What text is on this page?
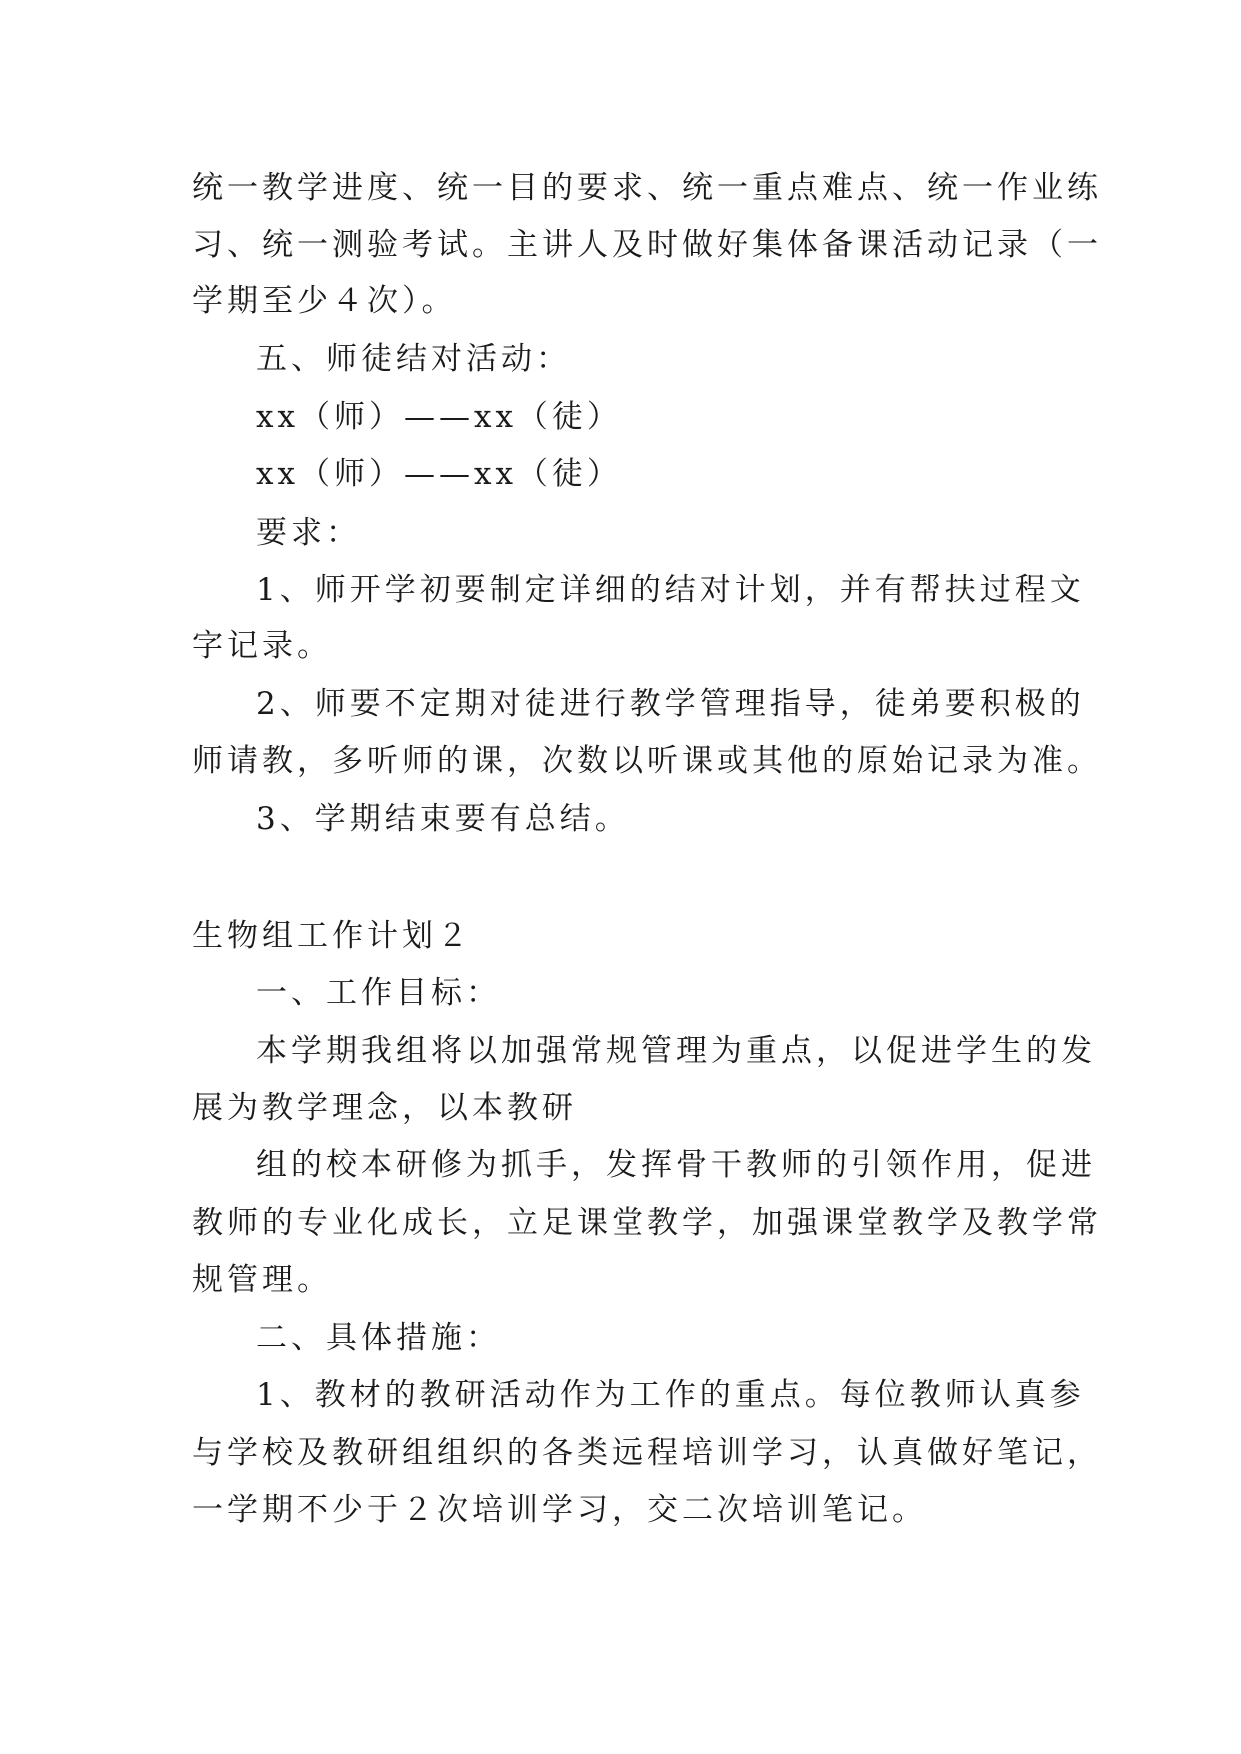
统一教学进度、统一目的要求、统一重点难点、统一作业练
习、统一测验考试。主讲人及时做好集体备课活动记录（一
学期至少４次）。
五、师徒结对活动：
xx（师）——xx（徒）
xx（师）——xx（徒）
要求：
1、师开学初要制定详细的结对计划，并有帮扶过程文
字记录。
2、师要不定期对徒进行教学管理指导，徒弟要积极的
师请教，多听师的课，次数以听课或其他的原始记录为准。
3、学期结束要有总结。
生物组工作计划２
一、工作目标：
本学期我组将以加强常规管理为重点，以促进学生的发
展为教学理念，以本教研
组的校本研修为抓手，发挥骨干教师的引领作用，促进
教师的专业化成长，立足课堂教学，加强课堂教学及教学常
规管理。
二、具体措施：
1、教材的教研活动作为工作的重点。每位教师认真参
与学校及教研组组织的各类远程培训学习，认真做好笔记，
一学期不少于２次培训学习，交二次培训笔记。
